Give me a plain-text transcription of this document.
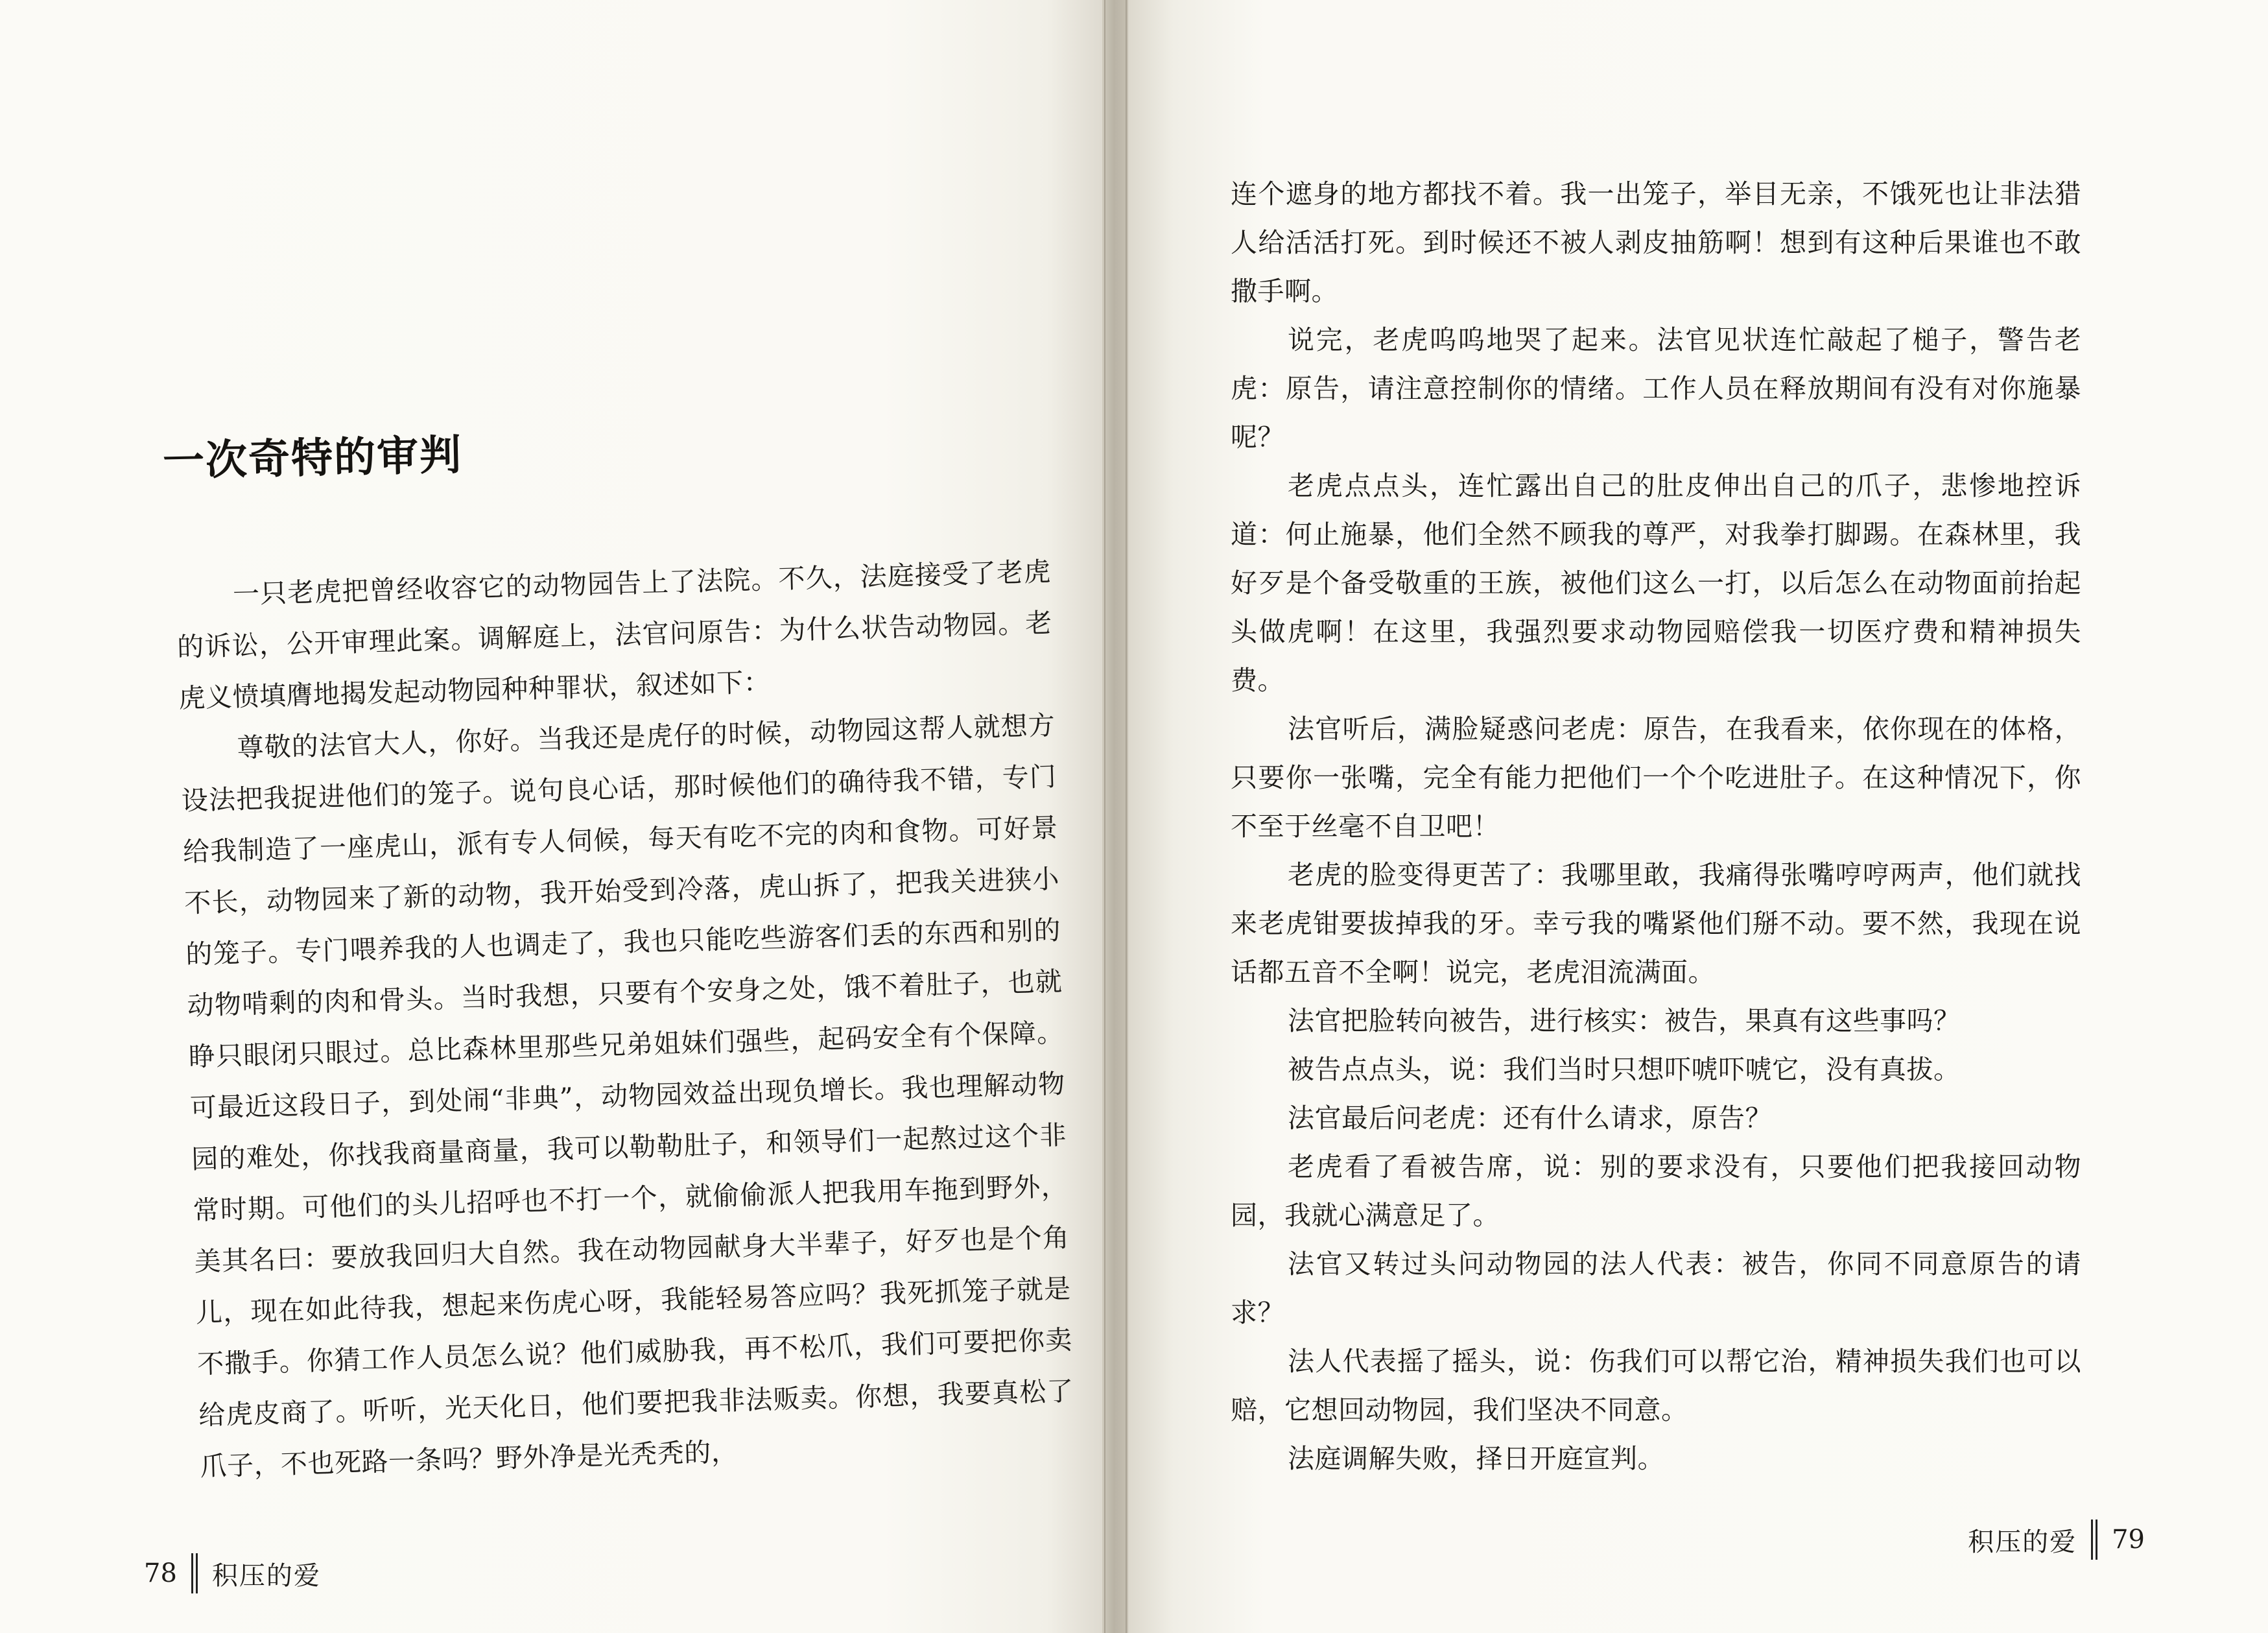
一次奇特的审判

一只老虎把曾经收容它的动物园告上了法院。不久，法庭接受了老虎的诉讼，公开审理此案。调解庭上，法官问原告：为什么状告动物园。老虎义愤填膺地揭发起动物园种种罪状，叙述如下：

尊敬的法官大人，你好。当我还是虎仔的时候，动物园这帮人就想方设法把我捉进他们的笼子。说句良心话，那时候他们的确待我不错，专门给我制造了一座虎山，派有专人伺候，每天有吃不完的肉和食物。可好景不长，动物园来了新的动物，我开始受到冷落，虎山拆了，把我关进狭小的笼子。专门喂养我的人也调走了，我也只能吃些游客们丢的东西和别的动物啃剩的肉和骨头。当时我想，只要有个安身之处，饿不着肚子，也就睁只眼闭只眼过。总比森林里那些兄弟姐妹们强些，起码安全有个保障。可最近这段日子，到处闹“非典”，动物园效益出现负增长。我也理解动物园的难处，你找我商量商量，我可以勒勒肚子，和领导们一起熬过这个非常时期。可他们的头儿招呼也不打一个，就偷偷派人把我用车拖到野外，美其名曰：要放我回归大自然。我在动物园献身大半辈子，好歹也是个角儿，现在如此待我，想起来伤虎心呀，我能轻易答应吗？我死抓笼子就是不撒手。你猜工作人员怎么说？他们威胁我，再不松爪，我们可要把你卖给虎皮商了。听听，光天化日，他们要把我非法贩卖。你想，我要真松了爪子，不也死路一条吗？野外净是光秃秃的，

78 积压的爱

连个遮身的地方都找不着。我一出笼子，举目无亲，不饿死也让非法猎人给活活打死。到时候还不被人剥皮抽筋啊！想到有这种后果谁也不敢撒手啊。

说完，老虎呜呜地哭了起来。法官见状连忙敲起了槌子，警告老虎：原告，请注意控制你的情绪。工作人员在释放期间有没有对你施暴呢？

老虎点点头，连忙露出自己的肚皮伸出自己的爪子，悲惨地控诉道：何止施暴，他们全然不顾我的尊严，对我拳打脚踢。在森林里，我好歹是个备受敬重的王族，被他们这么一打，以后怎么在动物面前抬起头做虎啊！在这里，我强烈要求动物园赔偿我一切医疗费和精神损失费。

法官听后，满脸疑惑问老虎：原告，在我看来，依你现在的体格，只要你一张嘴，完全有能力把他们一个个吃进肚子。在这种情况下，你不至于丝毫不自卫吧！

老虎的脸变得更苦了：我哪里敢，我痛得张嘴哼哼两声，他们就找来老虎钳要拔掉我的牙。幸亏我的嘴紧他们掰不动。要不然，我现在说话都五音不全啊！说完，老虎泪流满面。

法官把脸转向被告，进行核实：被告，果真有这些事吗？

被告点点头，说：我们当时只想吓唬吓唬它，没有真拔。

法官最后问老虎：还有什么请求，原告？

老虎看了看被告席，说：别的要求没有，只要他们把我接回动物园，我就心满意足了。

法官又转过头问动物园的法人代表：被告，你同不同意原告的请求？

法人代表摇了摇头，说：伤我们可以帮它治，精神损失我们也可以赔，它想回动物园，我们坚决不同意。

法庭调解失败，择日开庭宣判。

积压的爱 79
